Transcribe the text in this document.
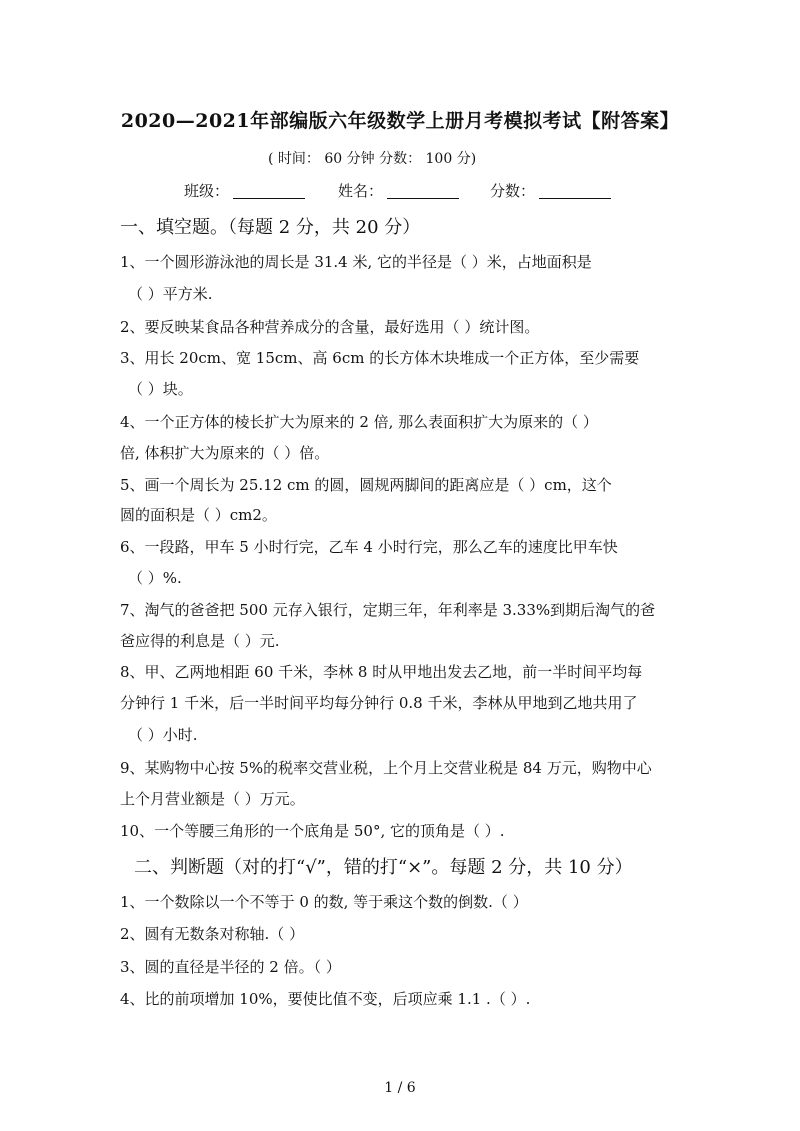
2020—2021年部编版六年级数学上册月考模拟考试【附答案】
( 时间： 60 分钟 分数： 100 分)
班级：	姓名：	分数：
一、填空题。（每题 2 分，共 20 分）
1、一个圆形游泳池的周长是 31.4 米, 它的半径是（ ）米，占地面积是
（ ）平方米.
2、要反映某食品各种营养成分的含量，最好选用（ ）统计图。
3、用长 20cm、宽 15cm、高 6cm 的长方体木块堆成一个正方体，至少需要
（ ）块。
4、一个正方体的棱长扩大为原来的 2 倍, 那么表面积扩大为原来的（ ）
倍, 体积扩大为原来的（ ）倍。
5、画一个周长为 25.12 cm 的圆，圆规两脚间的距离应是（ ）cm，这个
圆的面积是（ ）cm2。
6、一段路，甲车 5 小时行完，乙车 4 小时行完，那么乙车的速度比甲车快
（ ）%.
7、淘气的爸爸把 500 元存入银行，定期三年，年利率是 3.33%到期后淘气的爸
爸应得的利息是（ ）元.
8、甲、乙两地相距 60 千米，李林 8 时从甲地出发去乙地，前一半时间平均每
分钟行 1 千米，后一半时间平均每分钟行 0.8 千米，李林从甲地到乙地共用了
（ ）小时.
9、某购物中心按 5%的税率交营业税，上个月上交营业税是 84 万元，购物中心
上个月营业额是（ ）万元。
10、一个等腰三角形的一个底角是 50°, 它的顶角是（ ）.
二、判断题（对的打“√”，错的打“×”。每题 2 分，共 10 分）
1、一个数除以一个不等于 0 的数, 等于乘这个数的倒数.（ ）
2、圆有无数条对称轴.（ ）
3、圆的直径是半径的 2 倍。（ ）
4、比的前项增加 10%，要使比值不变，后项应乘 1.1 .（ ）.
1 / 6
